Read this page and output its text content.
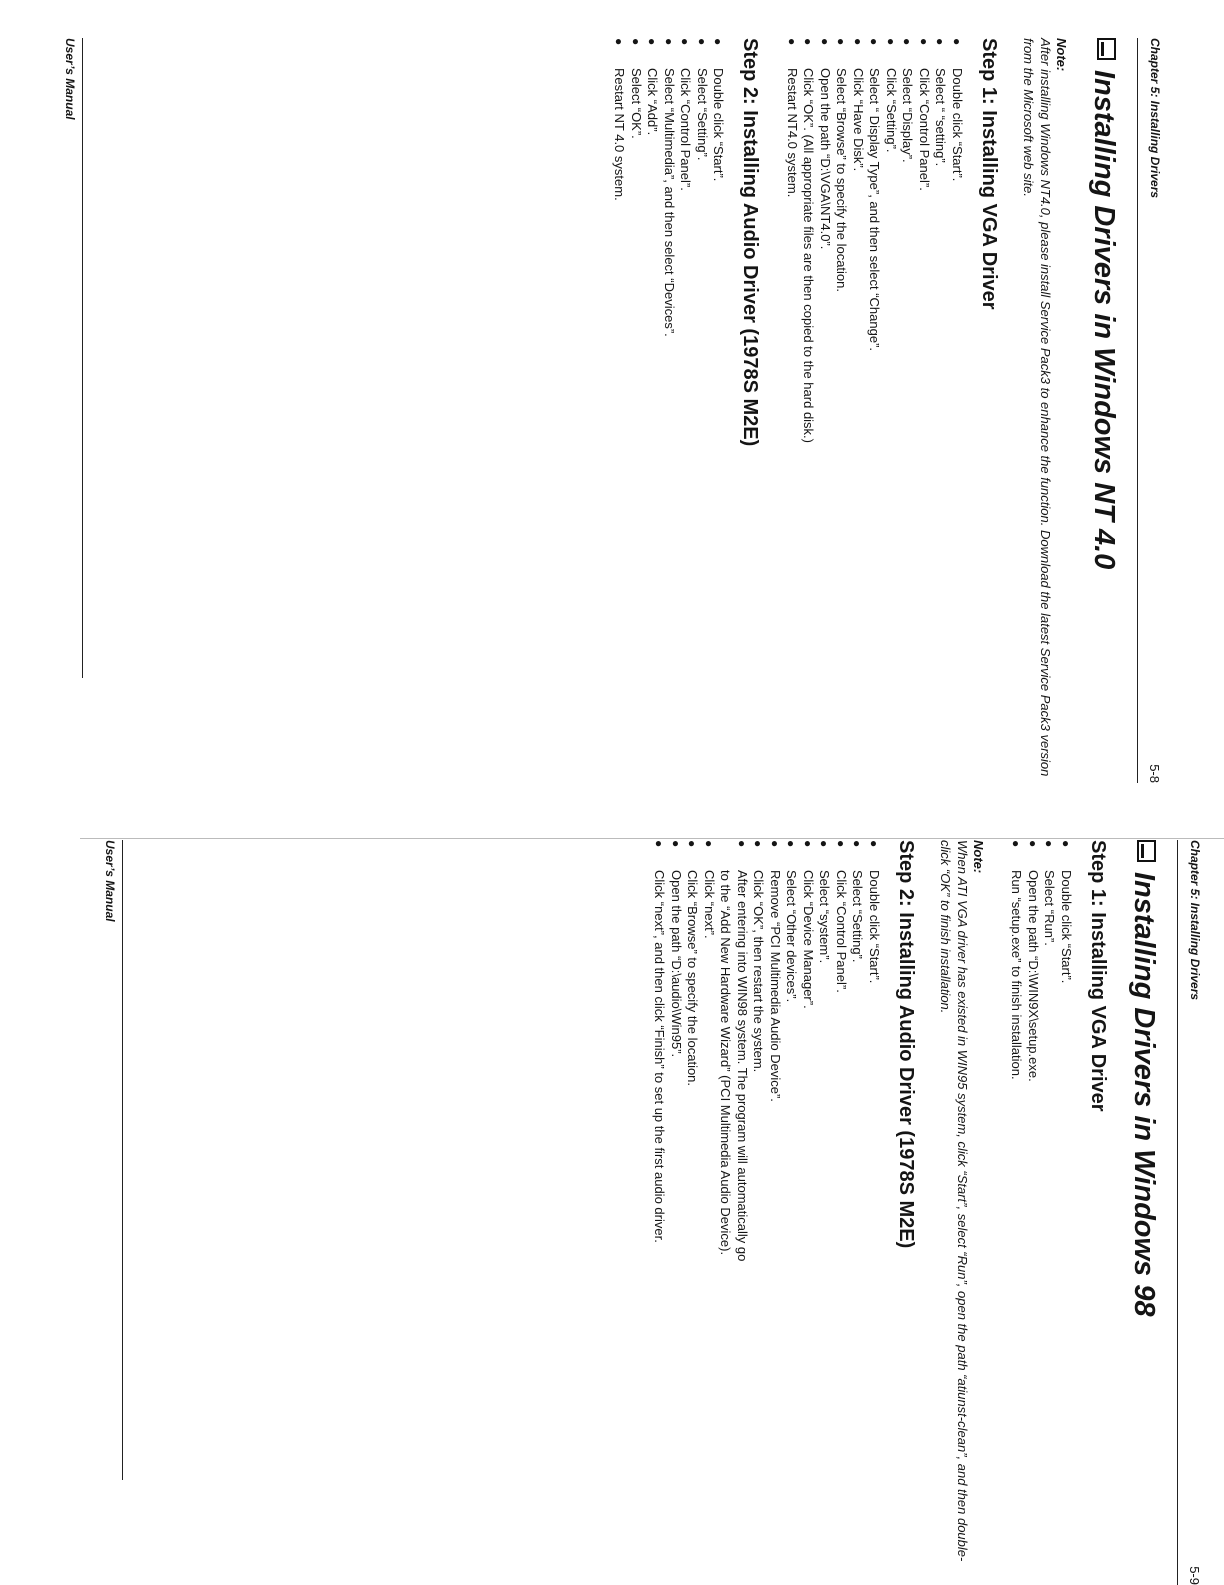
Chapter 5: Installing Drivers
5-8
Installing Drivers in Windows NT 4.0
Note:
After installing Windows NT4.0, please install Service Pack3 to enhance the function. Download the latest Service Pack3 version from the Microsoft web site.
Step 1: Installing VGA Driver
● Double click “Start”.
● Select “ “setting”.
● Click “Control Panel”.
● Select “Display”.
● Click “Setting”.
● Select “ Display Type”, and then select “Change”.
● Click “Have Disk”.
● Select “Browse” to specify the location.
● Open the path “D:\VGA\NT4.0”.
● Click “OK”. (All appropriate files are then copied to the hard disk.)
● Restart NT4.0 system.
Step 2: Installing Audio Driver (1978S M2E)
● Double click “Start”.
● Select “Setting”.
● Click “Control Panel”.
● Select “Multimedia”, and then select “Devices”.
● Click “Add”.
● Select “OK”.
● Restart NT 4.0 system.
User’s Manual
Chapter 5: Installing Drivers
5-9
Installing Drivers in Windows 98
Step 1: Installing VGA Driver
● Double click “Start”.
● Select “Run”.
● Open the path “D:\WIN9X\setup.exe.
● Run “setup.exe” to finish installation.
Note:
When ATI VGA driver has existed in WIN95 system, click “Start”, select “Run”, open the path “atiunst-clean”, and then double-click “OK” to finish installation.
Step 2: Installing Audio Driver (1978S M2E)
● Double click “Start”.
● Select “Setting”.
● Click “Control Panel”.
● Select “system”.
● Click “Device Manager”.
● Select “Other devices”.
● Remove “PCI Multimedia Audio Device”.
● Click “OK”, then restart the system.
● After entering into WIN98 system. The program will automatically go
to the “Add New Hardware Wizard” (PCI Multimedia Audio Device).
● Click “next”.
● Click “Browse” to specify the location.
● Open the path “D:\audio\Win95”.
● Click “next”, and then click “Finish” to set up the first audio driver.
User’s Manual
